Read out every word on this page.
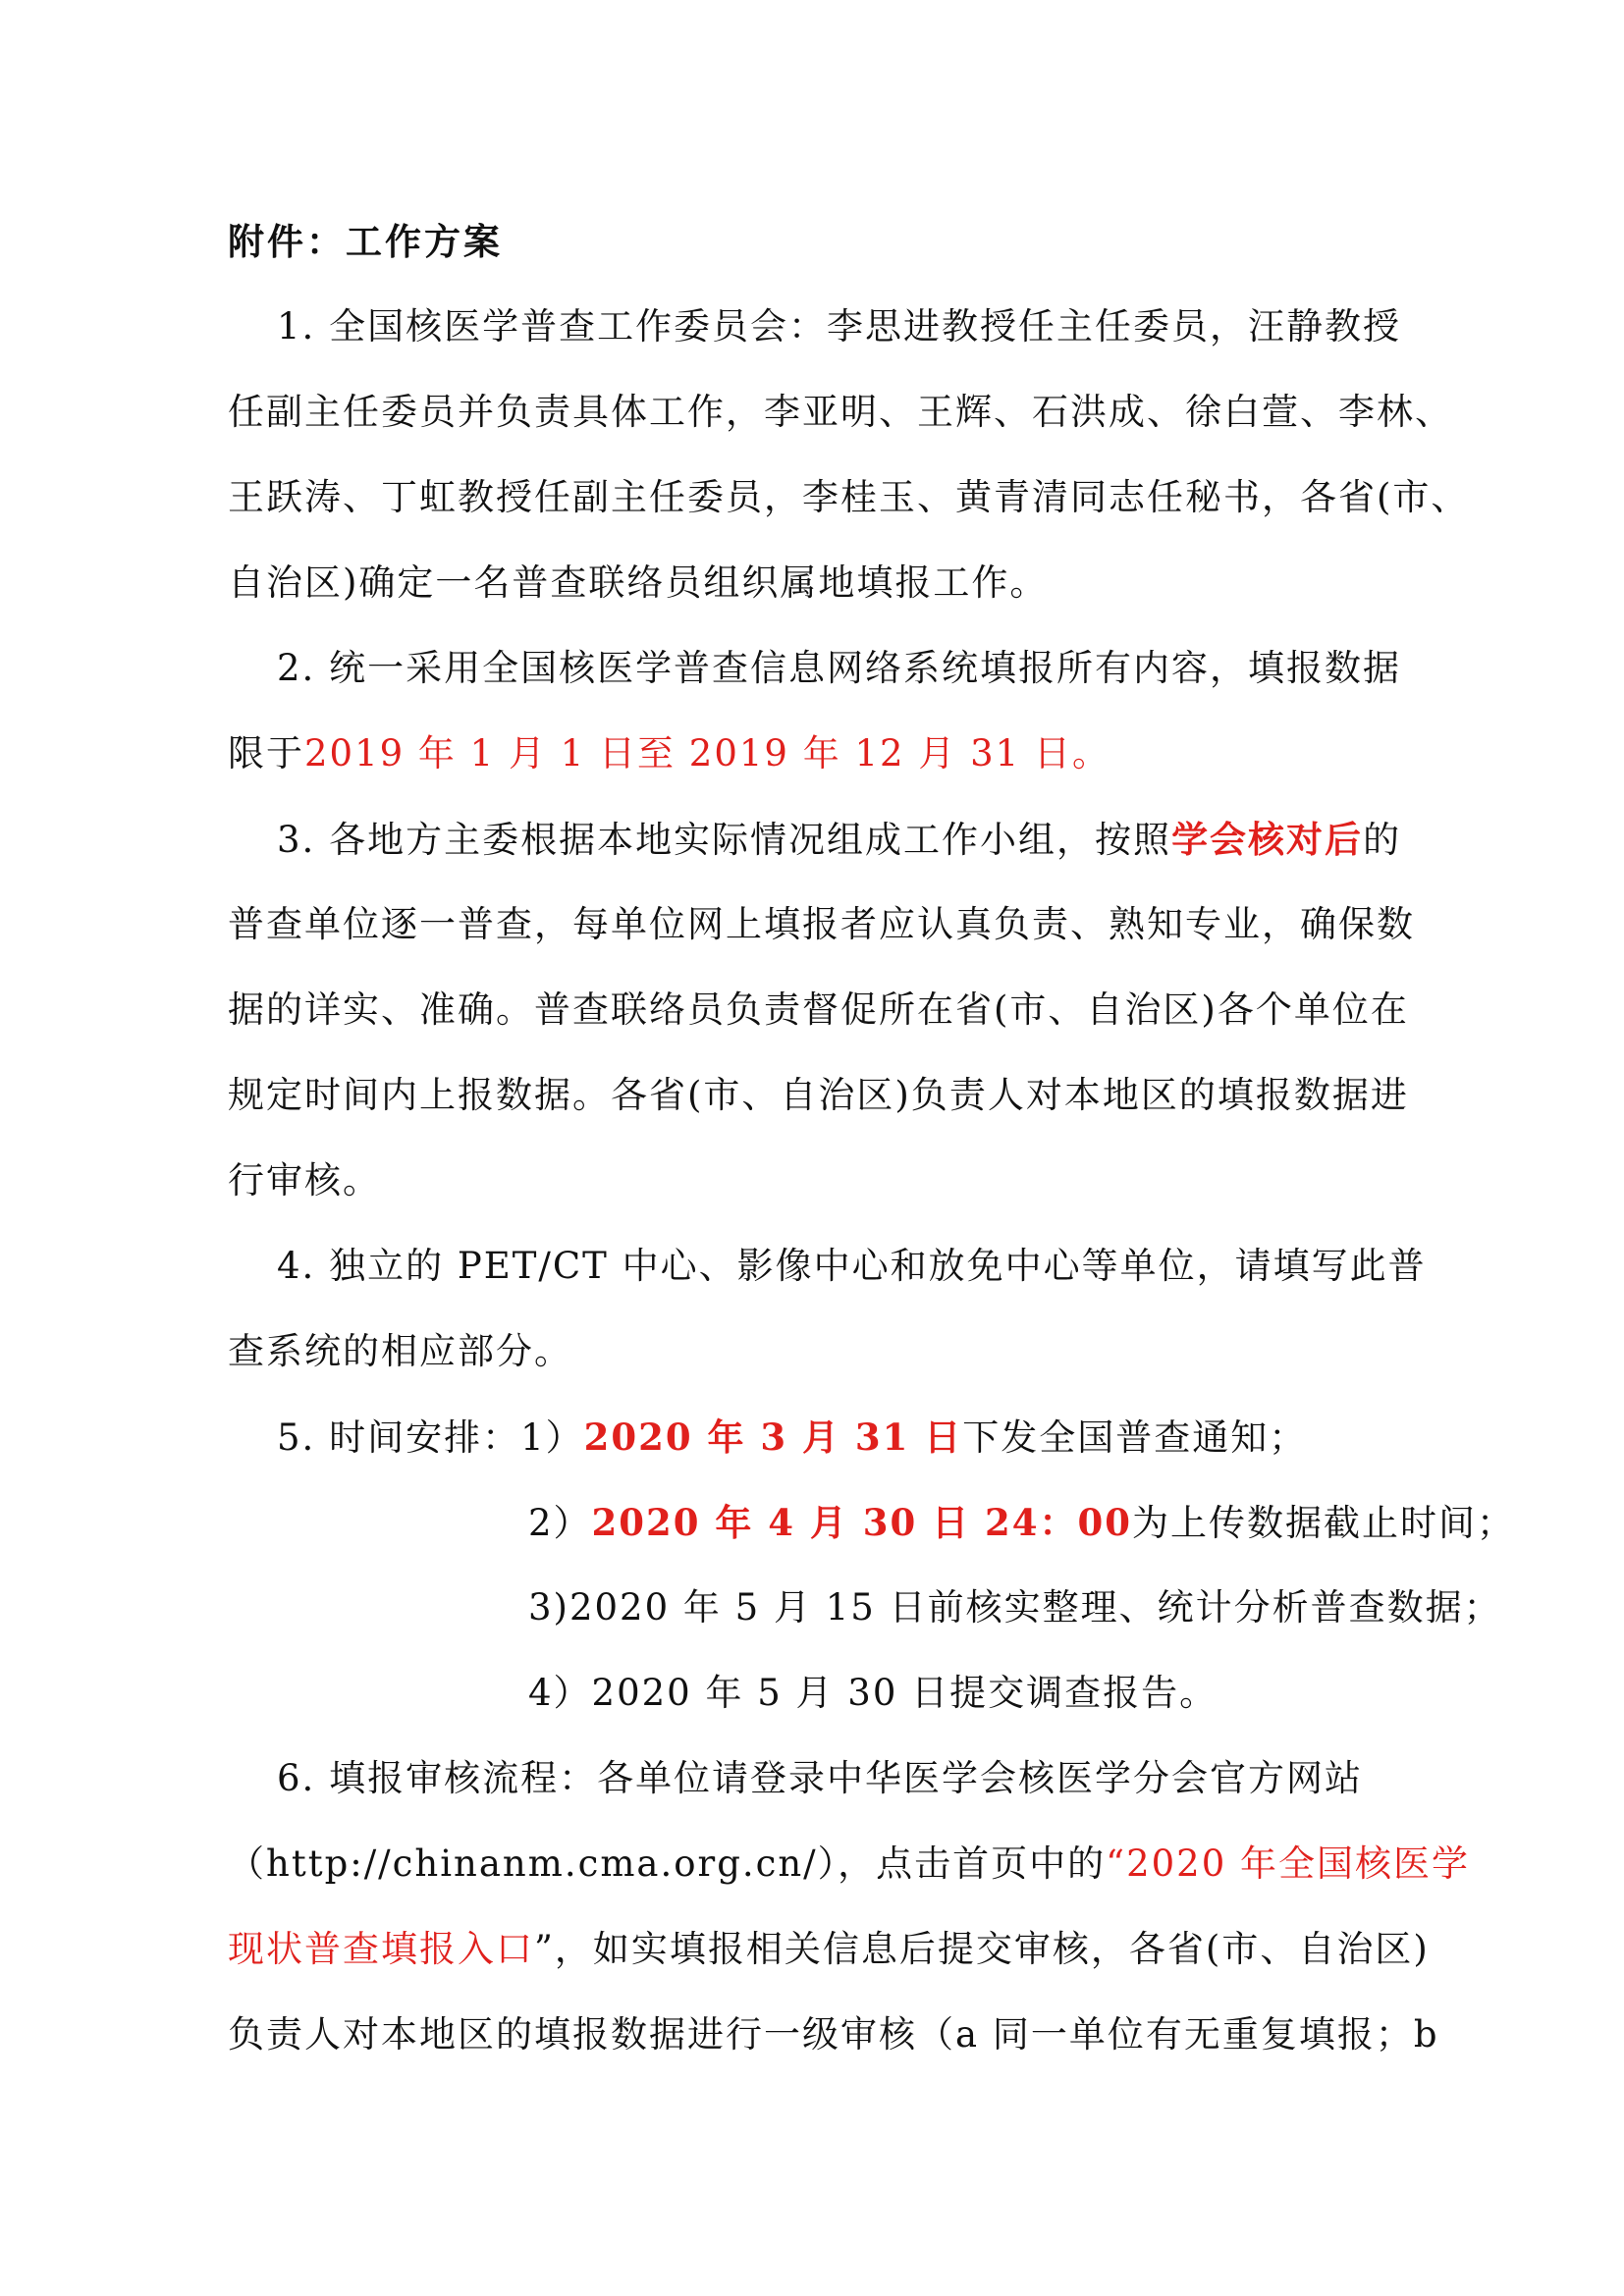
附件：工作方案
1. 全国核医学普查工作委员会：李思进教授任主任委员，汪静教授
任副主任委员并负责具体工作，李亚明、王辉、石洪成、徐白萱、李林、
王跃涛、丁虹教授任副主任委员，李桂玉、黄青清同志任秘书，各省(市、
自治区)确定一名普查联络员组织属地填报工作。
2. 统一采用全国核医学普查信息网络系统填报所有内容，填报数据
限于2019 年 1 月 1 日至 2019 年 12 月 31 日。
3. 各地方主委根据本地实际情况组成工作小组，按照学会核对后的
普查单位逐一普查，每单位网上填报者应认真负责、熟知专业，确保数
据的详实、准确。普查联络员负责督促所在省(市、自治区)各个单位在
规定时间内上报数据。各省(市、自治区)负责人对本地区的填报数据进
行审核。
4. 独立的 PET/CT 中心、影像中心和放免中心等单位，请填写此普
查系统的相应部分。
5. 时间安排：1）2020 年 3 月 31 日下发全国普查通知；
2）2020 年 4 月 30 日 24：00为上传数据截止时间；
3)2020 年 5 月 15 日前核实整理、统计分析普查数据；
4）2020 年 5 月 30 日提交调查报告。
6. 填报审核流程：各单位请登录中华医学会核医学分会官方网站
（http://chinanm.cma.org.cn/），点击首页中的“2020 年全国核医学
现状普查填报入口”，如实填报相关信息后提交审核，各省(市、自治区)
负责人对本地区的填报数据进行一级审核（a 同一单位有无重复填报；b
